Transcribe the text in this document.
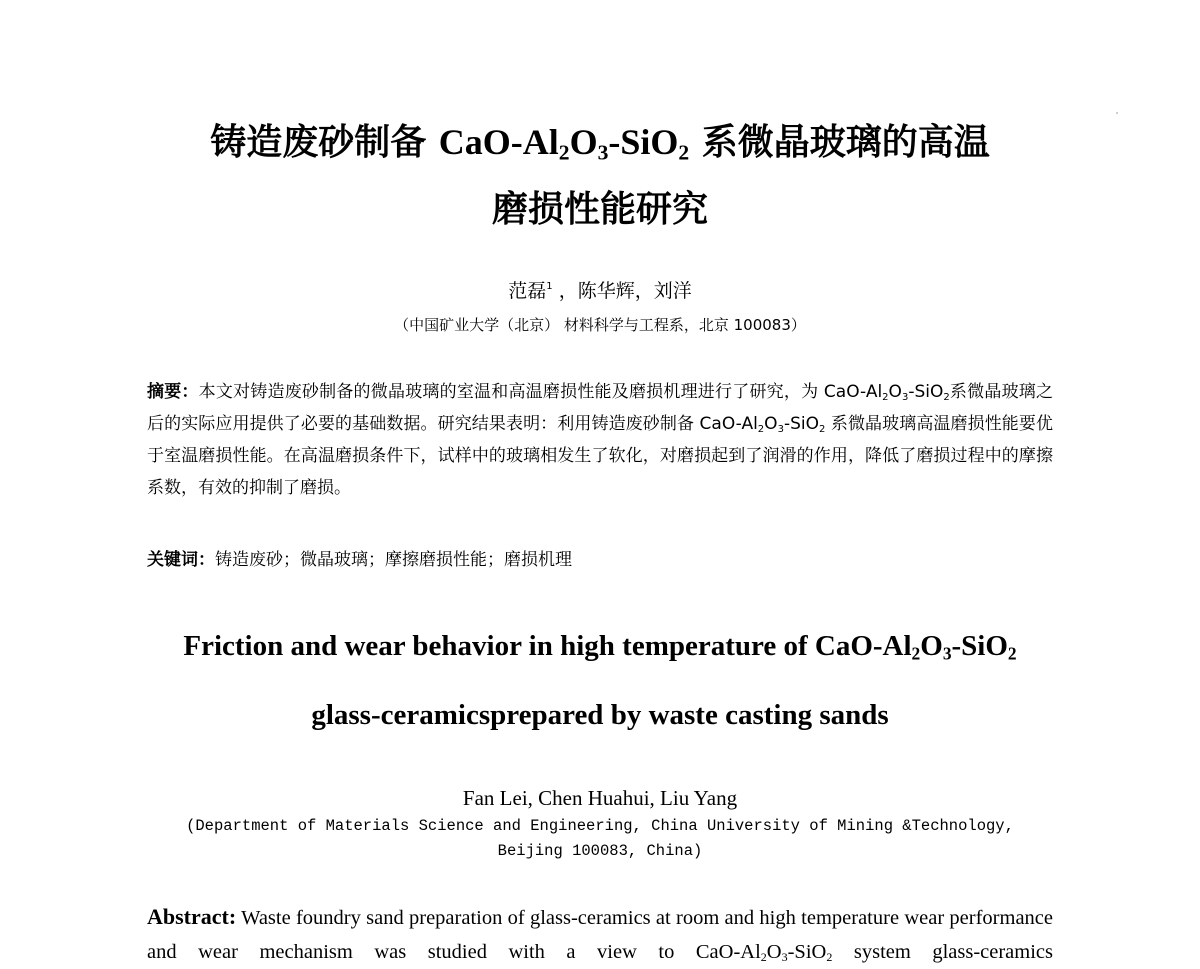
铸造废砂制备 CaO-$Al_2O_3-SiO_2$ 系微晶玻璃的高温
磨损性能研究
范磊$^1$ ，陈华辉，刘洋
（中国矿业大学（北京） 材料科学与工程系，北京 100083）
摘要：本文对铸造废砂制备的微晶玻璃的室温和高温磨损性能及磨损机理进行了研究，为 CaO-$Al_2O_3-SiO_2$系微晶玻璃之后的实际应用提供了必要的基础数据。研究结果表明：利用铸造废砂制备 CaO-$Al_2O_3-SiO_2$ 系微晶玻璃高温磨损性能要优于室温磨损性能。在高温磨损条件下，试样中的玻璃相发生了软化，对磨损起到了润滑的作用，降低了磨损过程中的摩擦系数，有效的抑制了磨损。
关键词：铸造废砂；微晶玻璃；摩擦磨损性能；磨损机理
Friction and wear behavior in high temperature of CaO-$Al_2O_3-SiO_2$
glass-ceramicsprepared by waste casting sands
Fan Lei, Chen Huahui, Liu Yang
(Department of Materials Science and Engineering, China University of Mining &Technology,
Beijing 100083, China)
Abstract: Waste foundry sand preparation of glass-ceramics at room and high temperature wear performance and wear mechanism was studied with a view to CaO-$Al_2O_3-SiO_2$ system glass-ceramics
